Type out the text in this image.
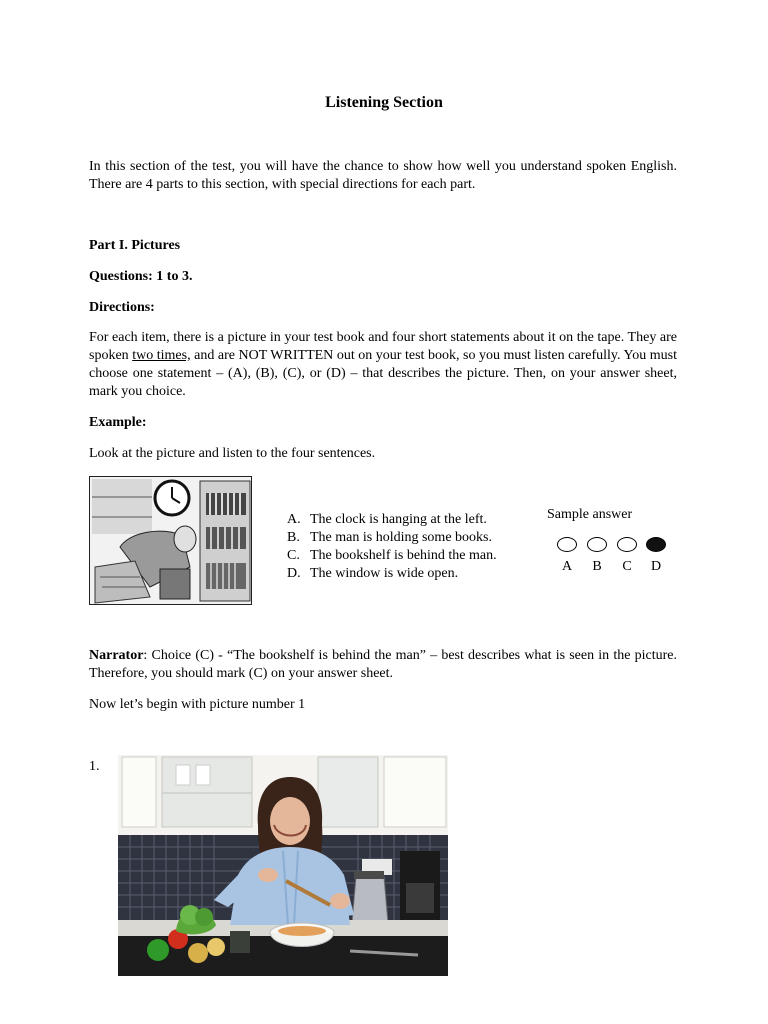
Listening Section
In this section of the test, you will have the chance to show how well you understand spoken English. There are 4 parts to this section, with special directions for each part.
Part I. Pictures
Questions: 1 to 3.
Directions:
For each item, there is a picture in your test book and four short statements about it on the tape. They are spoken two times, and are NOT WRITTEN out on your test book, so you must listen carefully. You must choose one statement – (A), (B), (C), or (D) – that describes the picture. Then, on your answer sheet, mark you choice.
Example:
Look at the picture and listen to the four sentences.
A. The clock is hanging at the left.
B. The man is holding some books.
C. The bookshelf is behind the man.
D. The window is wide open.
Sample answer
A	B	C	D
Narrator: Choice (C) - “The bookshelf is behind the man” – best describes what is seen in the picture. Therefore, you should mark (C) on your answer sheet.
Now let’s begin with picture number 1
1.
